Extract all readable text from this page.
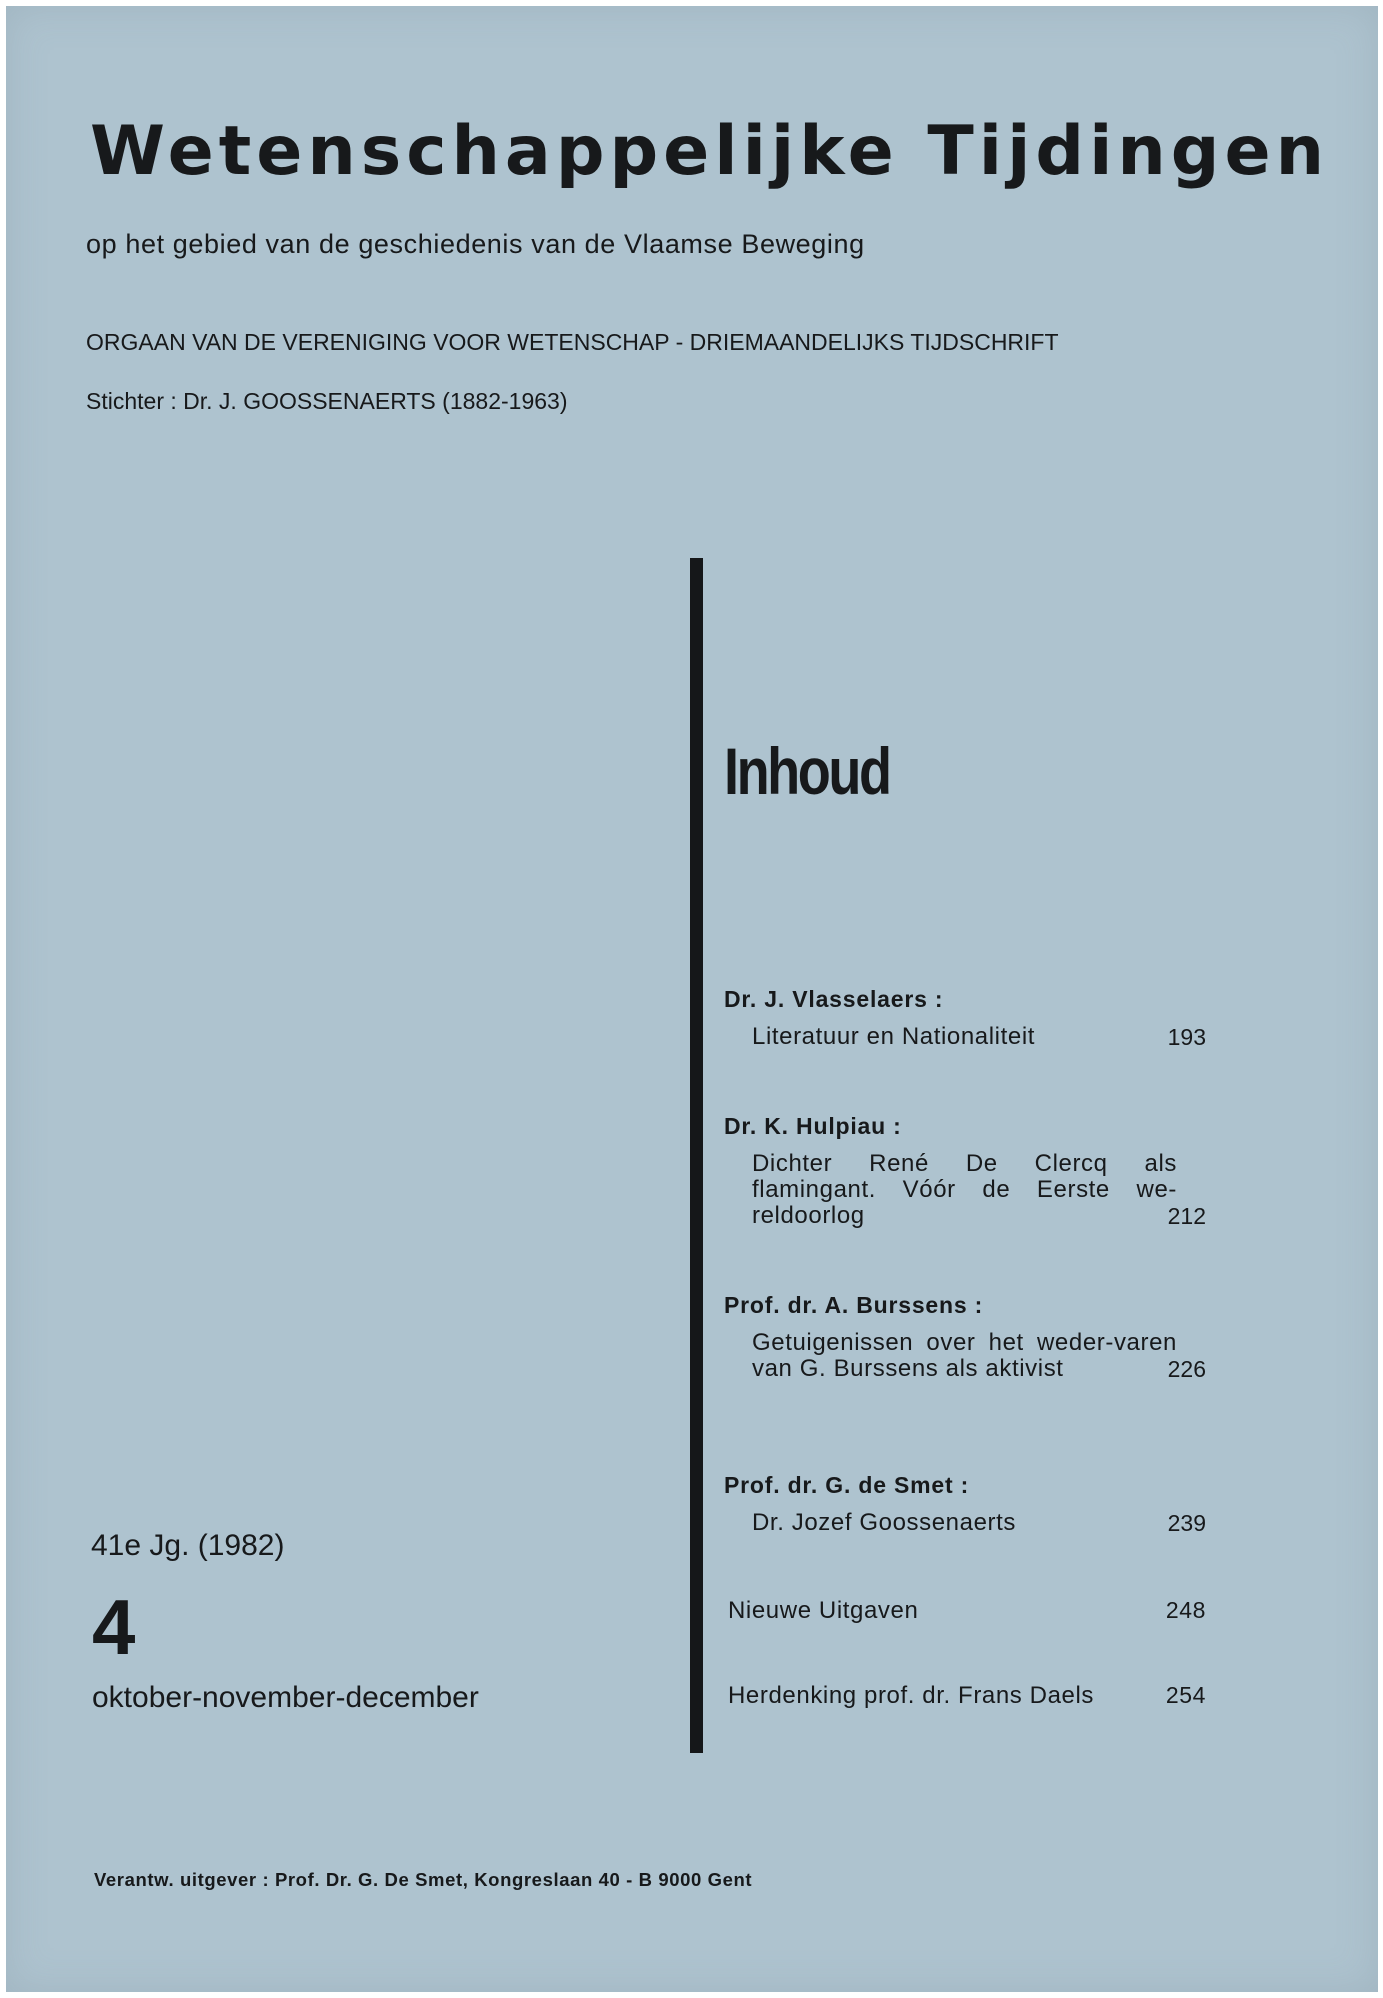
Wetenschappelijke Tijdingen
op het gebied van de geschiedenis van de Vlaamse Beweging
ORGAAN VAN DE VERENIGING VOOR WETENSCHAP - DRIEMAANDELIJKS TIJDSCHRIFT
Stichter : Dr. J. GOOSSENAERTS (1882-1963)
Inhoud
Dr. J. Vlasselaers :
Literatuur en Nationaliteit	193
Dr. K. Hulpiau :
Dichter René De Clercq als flamingant. Vóór de Eerste we-reldoorlog	212
Prof. dr. A. Burssens :
Getuigenissen over het weder-varen van G. Burssens als aktivist	226
Prof. dr. G. de Smet :
Dr. Jozef Goossenaerts	239
Nieuwe Uitgaven	248
Herdenking prof. dr. Frans Daels	254
41e Jg. (1982)
4
oktober-november-december
Verantw. uitgever : Prof. Dr. G. De Smet, Kongreslaan 40 - B 9000 Gent
